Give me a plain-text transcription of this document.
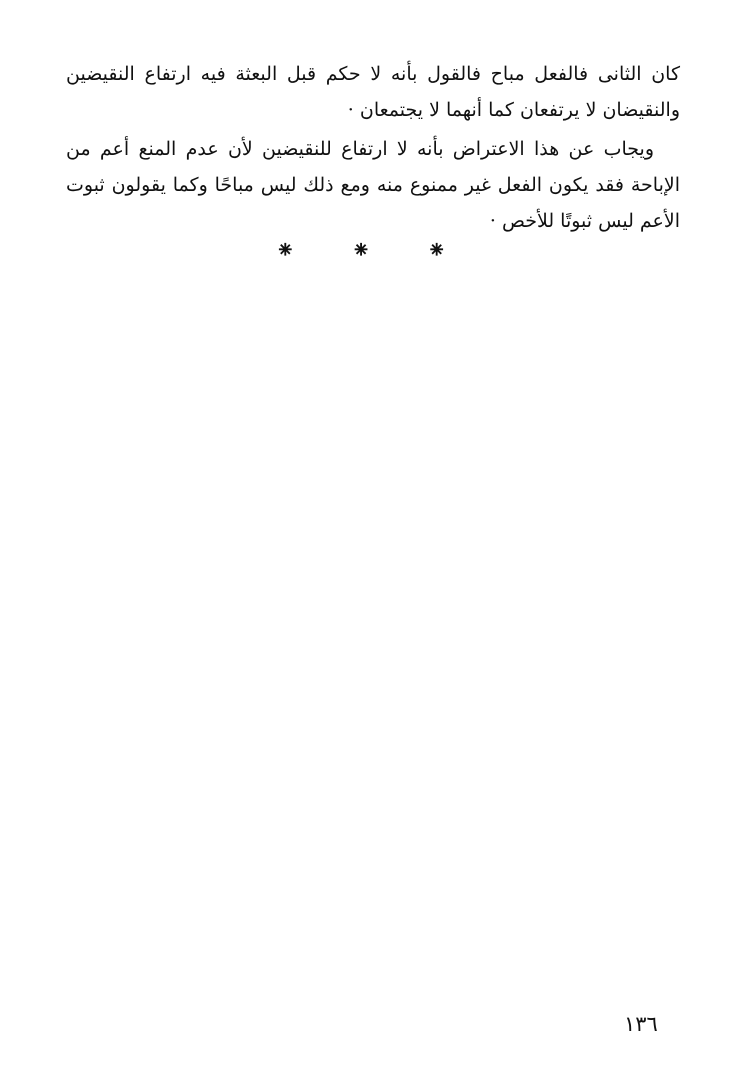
كان الثانى فالفعل مباح فالقول بأنه لا حكم قبل البعثة فيه ارتفاع النقيضين والنقيضان لا يرتفعان كما أنهما لا يجتمعان ·

ويجاب عن هذا الاعتراض بأنه لا ارتفاع للنقيضين لأن عدم المنع أعم من الإباحة فقد يكون الفعل غير ممنوع منه ومع ذلك ليس مباحًا وكما يقولون ثبوت الأعم ليس ثبوتًا للأخص ·

⁕ ⁕ ⁕
١٣٦
